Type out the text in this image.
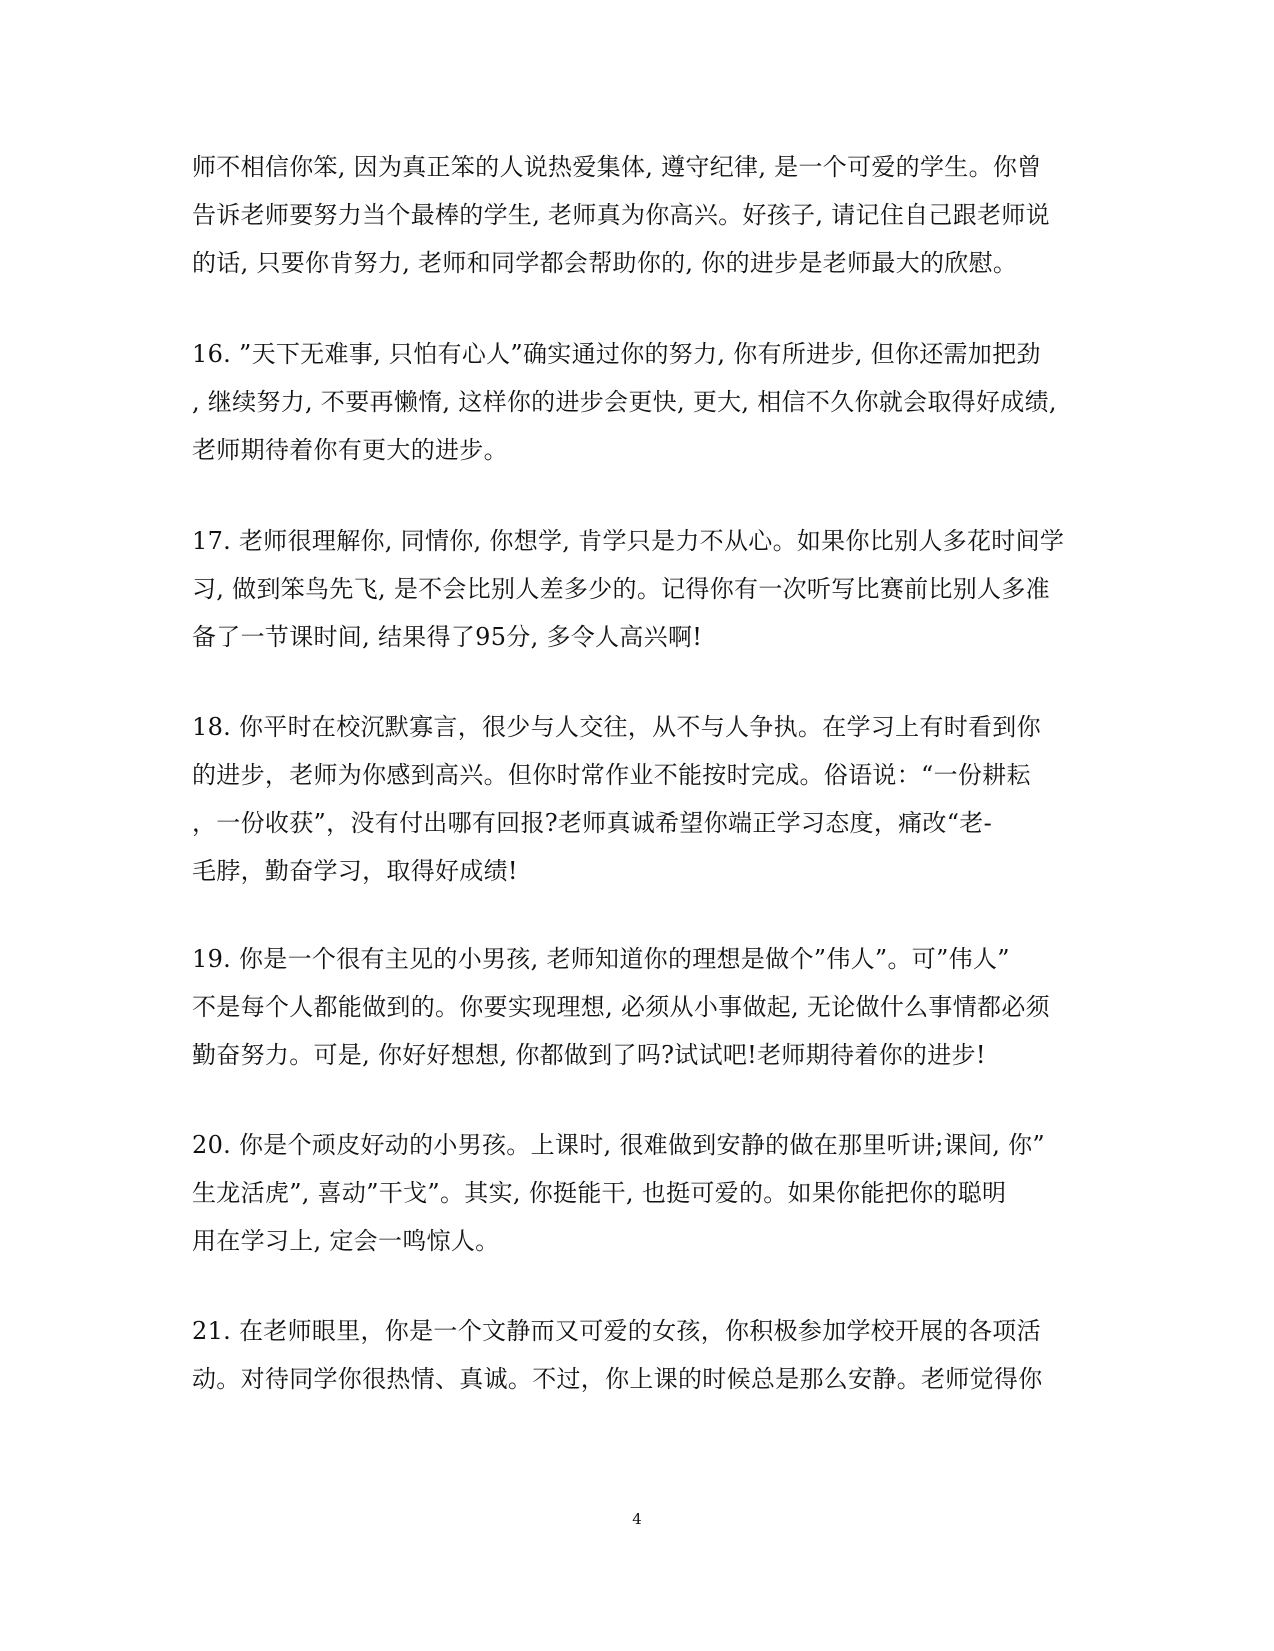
师不相信你笨, 因为真正笨的人说热爱集体, 遵守纪律, 是一个可爱的学生。你曾
告诉老师要努力当个最棒的学生, 老师真为你高兴。好孩子, 请记住自己跟老师说
的话, 只要你肯努力, 老师和同学都会帮助你的, 你的进步是老师最大的欣慰。
16. ”天下无难事, 只怕有心人”确实通过你的努力, 你有所进步, 但你还需加把劲
, 继续努力, 不要再懒惰, 这样你的进步会更快, 更大, 相信不久你就会取得好成绩,
老师期待着你有更大的进步。
17. 老师很理解你, 同情你, 你想学, 肯学只是力不从心。如果你比别人多花时间学
习, 做到笨鸟先飞, 是不会比别人差多少的。记得你有一次听写比赛前比别人多准
备了一节课时间, 结果得了95分, 多令人高兴啊!
18. 你平时在校沉默寡言，很少与人交往，从不与人争执。在学习上有时看到你
的进步，老师为你感到高兴。但你时常作业不能按时完成。俗语说：“一份耕耘
，一份收获”，没有付出哪有回报?老师真诚希望你端正学习态度，痛改“老-
毛脖，勤奋学习，取得好成绩!
19. 你是一个很有主见的小男孩, 老师知道你的理想是做个”伟人”。可”伟人”
不是每个人都能做到的。你要实现理想, 必须从小事做起, 无论做什么事情都必须
勤奋努力。可是, 你好好想想, 你都做到了吗?试试吧!老师期待着你的进步!
20. 你是个顽皮好动的小男孩。上课时, 很难做到安静的做在那里听讲;课间, 你”
生龙活虎”, 喜动”干戈”。其实, 你挺能干, 也挺可爱的。如果你能把你的聪明
用在学习上, 定会一鸣惊人。
21. 在老师眼里，你是一个文静而又可爱的女孩，你积极参加学校开展的各项活
动。对待同学你很热情、真诚。不过，你上课的时候总是那么安静。老师觉得你
4
